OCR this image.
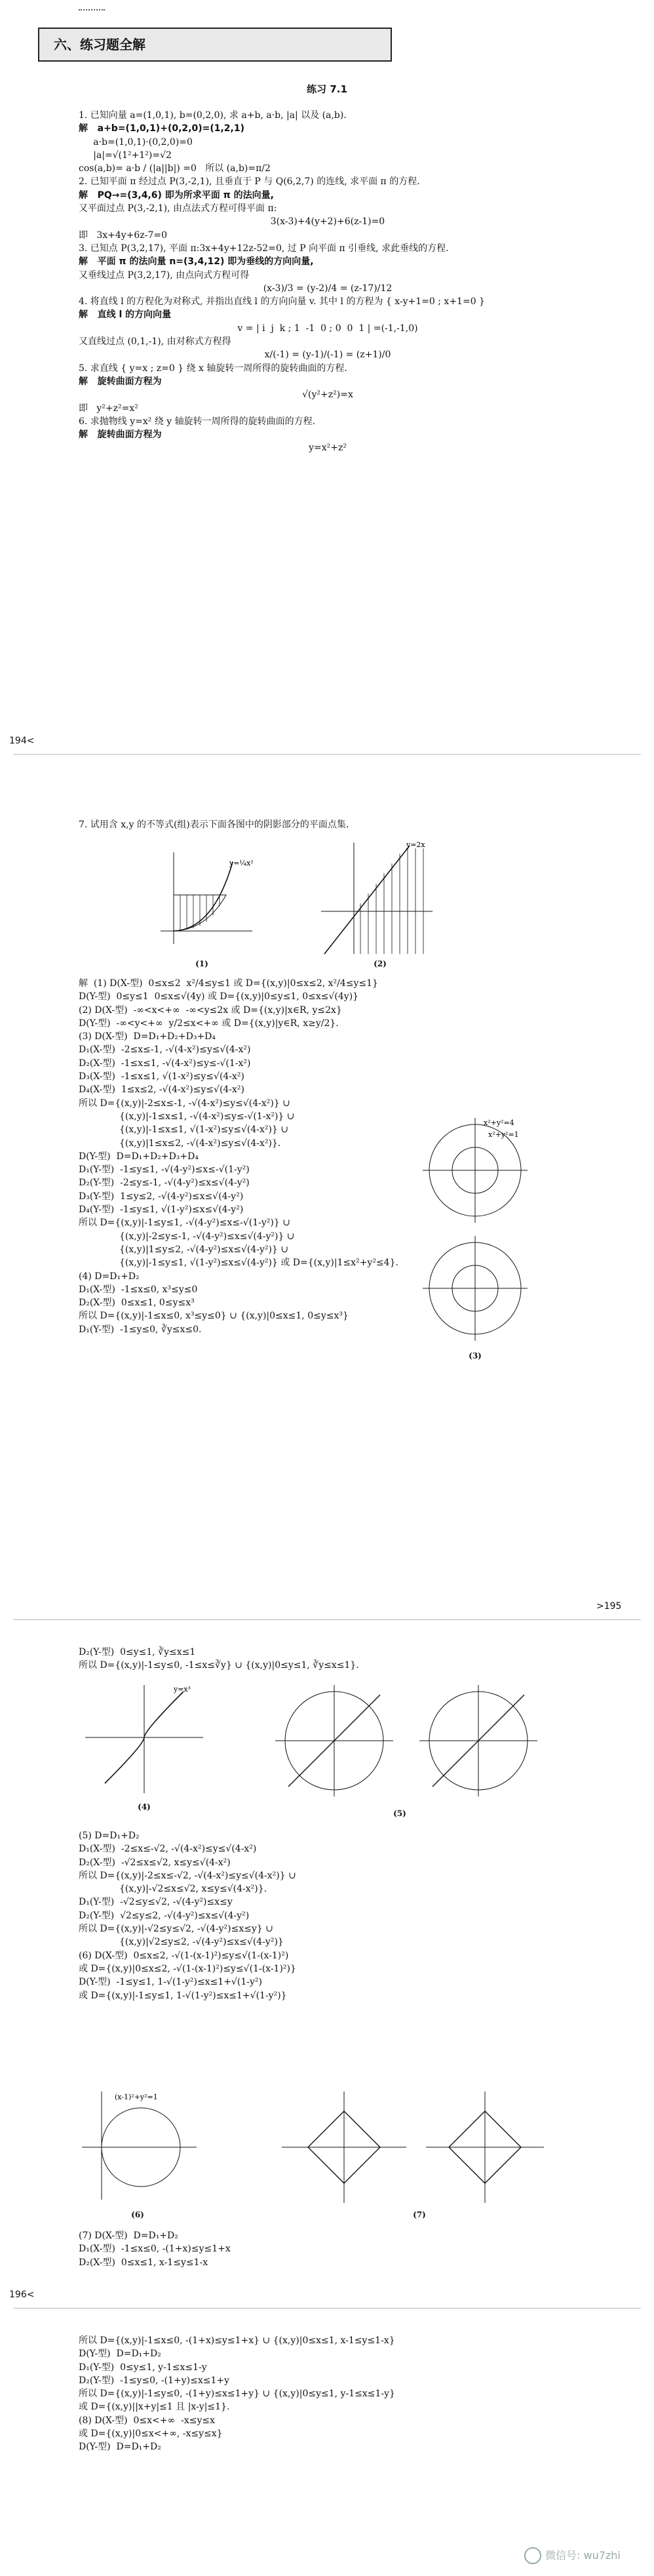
六、练习题全解
练习 7.1
1. 已知向量 a=(1,0,1), b=(0,2,0), 求 a+b, a·b, |a| 以及 (a,b).
解   a+b=(1,0,1)+(0,2,0)=(1,2,1)
a·b=(1,0,1)·(0,2,0)=0
|a|=√(1²+1²)=√2
cos(a,b)= a·b / (|a||b|) =0   所以 (a,b)=π/2
2. 已知平面 π 经过点 P(3,-2,1), 且垂直于 P 与 Q(6,2,7) 的连线, 求平面 π 的方程.
解   PQ→=(3,4,6) 即为所求平面 π 的法向量,
又平面过点 P(3,-2,1), 由点法式方程可得平面 π:
3(x-3)+4(y+2)+6(z-1)=0
即   3x+4y+6z-7=0
3. 已知点 P(3,2,17), 平面 π:3x+4y+12z-52=0, 过 P 向平面 π 引垂线, 求此垂线的方程.
解   平面 π 的法向量 n=(3,4,12) 即为垂线的方向向量,
又垂线过点 P(3,2,17), 由点向式方程可得
(x-3)/3 = (y-2)/4 = (z-17)/12
4. 将直线 l 的方程化为对称式, 并指出直线 l 的方向向量 v. 其中 l 的方程为 { x-y+1=0 ; x+1=0 }
解   直线 l 的方向向量
v = | i  j  k ; 1  -1  0 ; 0  0  1 | =(-1,-1,0)
又直线过点 (0,1,-1), 由对称式方程得
x/(-1) = (y-1)/(-1) = (z+1)/0
5. 求直线 { y=x ; z=0 } 绕 x 轴旋转一周所得的旋转曲面的方程.
解   旋转曲面方程为
√(y²+z²)=x
即   y²+z²=x²
6. 求抛物线 y=x² 绕 y 轴旋转一周所得的旋转曲面的方程.
解   旋转曲面方程为
y=x²+z²
194<
7. 试用含 x,y 的不等式(组)表示下面各图中的阴影部分的平面点集.
y=¼x²
(1)
y=2x
(2)
解  (1) D(X-型)  0≤x≤2  x²/4≤y≤1 或 D={(x,y)|0≤x≤2, x²/4≤y≤1}
D(Y-型)  0≤y≤1  0≤x≤√(4y) 或 D={(x,y)|0≤y≤1, 0≤x≤√(4y)}
(2) D(X-型)  -∞<x<+∞  -∞<y≤2x 或 D={(x,y)|x∈R, y≤2x}
D(Y-型)  -∞<y<+∞  y/2≤x<+∞ 或 D={(x,y)|y∈R, x≥y/2}.
(3) D(X-型)  D=D₁+D₂+D₃+D₄
D₁(X-型)  -2≤x≤-1, -√(4-x²)≤y≤√(4-x²)
D₂(X-型)  -1≤x≤1, -√(4-x²)≤y≤-√(1-x²)
D₃(X-型)  -1≤x≤1, √(1-x²)≤y≤√(4-x²)
D₄(X-型)  1≤x≤2, -√(4-x²)≤y≤√(4-x²)
所以 D={(x,y)|-2≤x≤-1, -√(4-x²)≤y≤√(4-x²)} ∪
{(x,y)|-1≤x≤1, -√(4-x²)≤y≤-√(1-x²)} ∪
{(x,y)|-1≤x≤1, √(1-x²)≤y≤√(4-x²)} ∪
{(x,y)|1≤x≤2, -√(4-x²)≤y≤√(4-x²)}.
D(Y-型)  D=D₁+D₂+D₃+D₄
D₁(Y-型)  -1≤y≤1, -√(4-y²)≤x≤-√(1-y²)
D₂(Y-型)  -2≤y≤-1, -√(4-y²)≤x≤√(4-y²)
D₃(Y-型)  1≤y≤2, -√(4-y²)≤x≤√(4-y²)
D₄(Y-型)  -1≤y≤1, √(1-y²)≤x≤√(4-y²)
所以 D={(x,y)|-1≤y≤1, -√(4-y²)≤x≤-√(1-y²)} ∪
{(x,y)|-2≤y≤-1, -√(4-y²)≤x≤√(4-y²)} ∪
{(x,y)|1≤y≤2, -√(4-y²)≤x≤√(4-y²)} ∪
{(x,y)|-1≤y≤1, √(1-y²)≤x≤√(4-y²)} 或 D={(x,y)|1≤x²+y²≤4}.
(4) D=D₁+D₂
D₁(X-型)  -1≤x≤0, x³≤y≤0
D₂(X-型)  0≤x≤1, 0≤y≤x³
所以 D={(x,y)|-1≤x≤0, x³≤y≤0} ∪ {(x,y)|0≤x≤1, 0≤y≤x³}
D₁(Y-型)  -1≤y≤0, ∛y≤x≤0.
x²+y²=4
x²+y²=1
(3)
>195
D₂(Y-型)  0≤y≤1, ∛y≤x≤1
所以 D={(x,y)|-1≤y≤0, -1≤x≤∛y} ∪ {(x,y)|0≤y≤1, ∛y≤x≤1}.
y=x³
(4)
(5)
(5) D=D₁+D₂
D₁(X-型)  -2≤x≤-√2, -√(4-x²)≤y≤√(4-x²)
D₂(X-型)  -√2≤x≤√2, x≤y≤√(4-x²)
所以 D={(x,y)|-2≤x≤-√2, -√(4-x²)≤y≤√(4-x²)} ∪
{(x,y)|-√2≤x≤√2, x≤y≤√(4-x²)}.
D₁(Y-型)  -√2≤y≤√2, -√(4-y²)≤x≤y
D₂(Y-型)  √2≤y≤2, -√(4-y²)≤x≤√(4-y²)
所以 D={(x,y)|-√2≤y≤√2, -√(4-y²)≤x≤y} ∪
{(x,y)|√2≤y≤2, -√(4-y²)≤x≤√(4-y²)}
(6) D(X-型)  0≤x≤2, -√(1-(x-1)²)≤y≤√(1-(x-1)²)
或 D={(x,y)|0≤x≤2, -√(1-(x-1)²)≤y≤√(1-(x-1)²)}
D(Y-型)  -1≤y≤1, 1-√(1-y²)≤x≤1+√(1-y²)
或 D={(x,y)|-1≤y≤1, 1-√(1-y²)≤x≤1+√(1-y²)}
(x-1)²+y²=1
(6)	(7)
(7) D(X-型)  D=D₁+D₂
D₁(X-型)  -1≤x≤0, -(1+x)≤y≤1+x
D₂(X-型)  0≤x≤1, x-1≤y≤1-x
196<
所以 D={(x,y)|-1≤x≤0, -(1+x)≤y≤1+x} ∪ {(x,y)|0≤x≤1, x-1≤y≤1-x}
D(Y-型)  D=D₁+D₂
D₁(Y-型)  0≤y≤1, y-1≤x≤1-y
D₂(Y-型)  -1≤y≤0, -(1+y)≤x≤1+y
所以 D={(x,y)|-1≤y≤0, -(1+y)≤x≤1+y} ∪ {(x,y)|0≤y≤1, y-1≤x≤1-y}
或 D={(x,y)||x+y|≤1 且 |x-y|≤1}.
(8) D(X-型)  0≤x<+∞  -x≤y≤x
或 D={(x,y)|0≤x<+∞, -x≤y≤x}
D(Y-型)  D=D₁+D₂
微信号: wu7zhi
